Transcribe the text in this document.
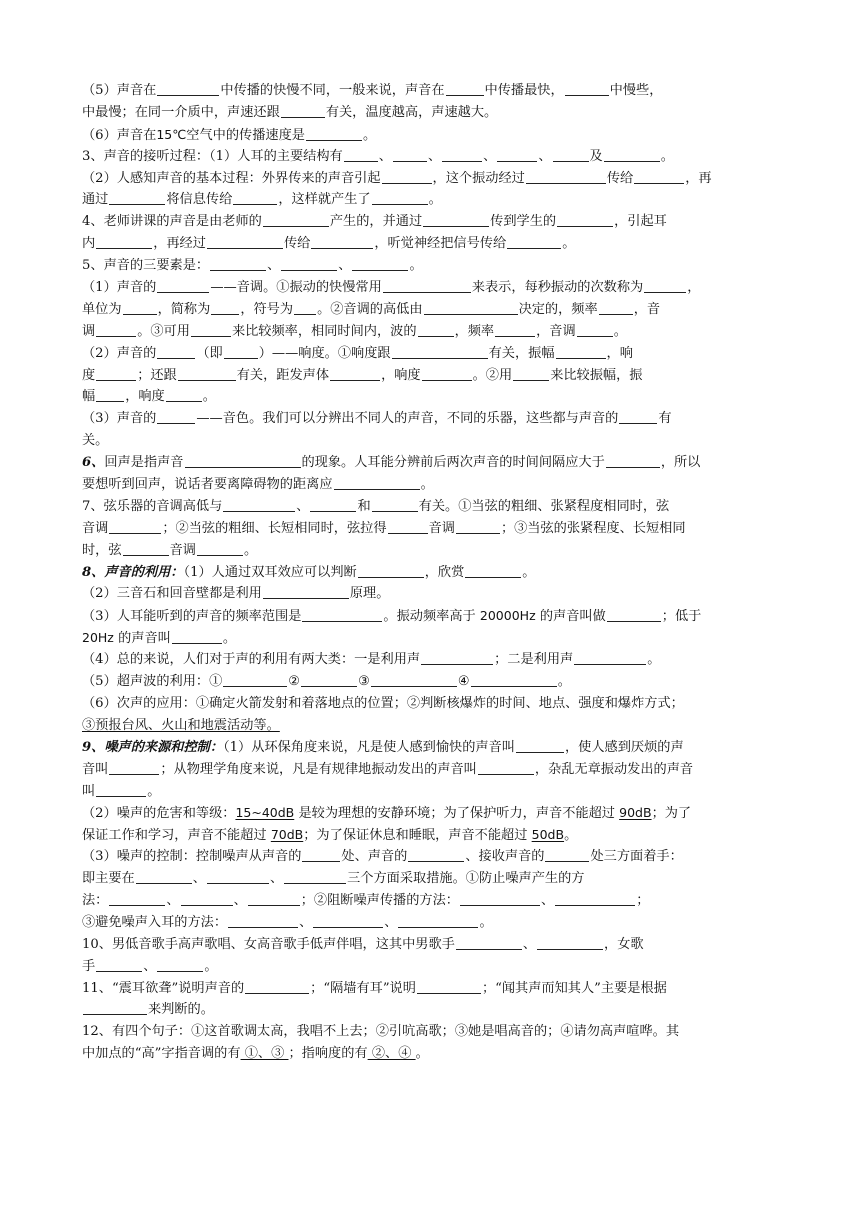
（5）声音在	中传播的快慢不同，一般来说，声音在	中传播最快，	中慢些，
中最慢；在同一介质中，声速还跟	有关，温度越高，声速越大。
（6）声音在15℃空气中的传播速度是	。
3、声音的接听过程：（1）人耳的主要结构有	、	、	、	、	及	。
（2）人感知声音的基本过程：外界传来的声音引起	，这个振动经过	传给	，再
通过	将信息传给	，这样就产生了	。
4、老师讲课的声音是由老师的	产生的，并通过	传到学生的	，引起耳
内	，再经过	传给	，听觉神经把信号传给	。
5、声音的三要素是：	、	、	。
（1）声音的	——音调。①振动的快慢常用	来表示，每秒振动的次数称为	，
单位为	，简称为 ，符号为 。②音调的高低由	决定的，频率	，音
调	。③可用	来比较频率，相同时间内，波的	，频率	，音调	。
（2）声音的	（即	）——响度。①响度跟	有关，振幅	，响
度	；还跟	有关，距发声体	，响度	。②用	来比较振幅，振
幅 ，响度	。
（3）声音的	——音色。我们可以分辨出不同人的声音，不同的乐器，这些都与声音的	有
关。
6、回声是指声音	的现象。人耳能分辨前后两次声音的时间间隔应大于	，所以
要想听到回声，说话者要离障碍物的距离应	。
7、弦乐器的音调高低与	、	和	有关。①当弦的粗细、张紧程度相同时，弦
音调	；②当弦的粗细、长短相同时，弦拉得	音调	；③当弦的张紧程度、长短相同
时，弦	音调	。
8、声音的利用：（1）人通过双耳效应可以判断	，欣赏	。
（2）三音石和回音壁都是利用	原理。
（3）人耳能听到的声音的频率范围是	。振动频率高于 20000Hz 的声音叫做	；低于
20Hz 的声音叫	。
（4）总的来说，人们对于声的利用有两大类：一是利用声	；二是利用声	。
（5）超声波的利用：①	②	③	④	。
（6）次声的应用：①确定火箭发射和着落地点的位置；②判断核爆炸的时间、地点、强度和爆炸方式；
③预报台风、火山和地震活动等。
9、噪声的来源和控制：（1）从环保角度来说，凡是使人感到愉快的声音叫	，使人感到厌烦的声
音叫	；从物理学角度来说，凡是有规律地振动发出的声音叫	，杂乱无章振动发出的声音
叫	。
（2）噪声的危害和等级：15~40dB 是较为理想的安静环境；为了保护听力，声音不能超过 90dB；为了
保证工作和学习，声音不能超过 70dB；为了保证休息和睡眠，声音不能超过 50dB。
（3）噪声的控制：控制噪声从声音的	处、声音的	、接收声音的	处三方面着手：
即主要在	、	、	三个方面采取措施。①防止噪声产生的方
法：	、	、	；②阻断噪声传播的方法：	、	；
③避免噪声入耳的方法：	、	、	。
10、男低音歌手高声歌唱、女高音歌手低声伴唱，这其中男歌手	、	，女歌
手	、	。
11、“震耳欲聋”说明声音的	；“隔墙有耳”说明	；“闻其声而知其人”主要是根据
来判断的。
12、有四个句子：①这首歌调太高，我唱不上去；②引吭高歌；③她是唱高音的；④请勿高声喧哗。其
中加点的“高”字指音调的有 ①、③ ；指响度的有 ②、④ 。
